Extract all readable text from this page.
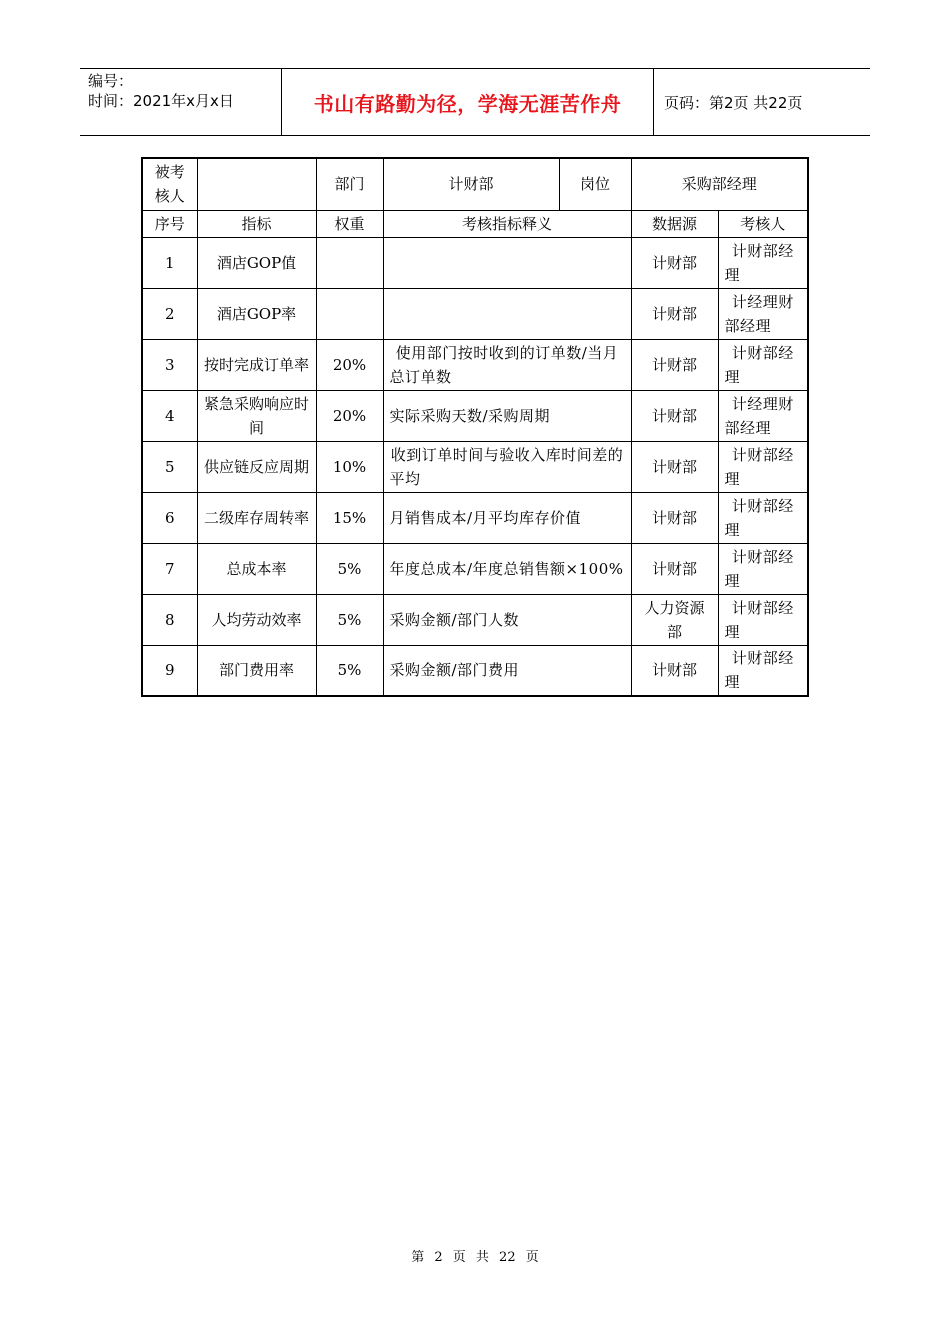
编号：
时间：2021年x月x日	书山有路勤为径，学海无涯苦作舟	页码：第2页 共22页
被考核人		部门	计财部	岗位	采购部经理	
序号	指标	权重	考核指标释义		数据源	考核人
1	酒店GOP值				计财部	计财部经理
2	酒店GOP率				计财部	计经理财部经理
3	按时完成订单率	20%	使用部门按时收到的订单数/当月总订单数		计财部	计财部经理
4	紧急采购响应时间	20%	实际采购天数/采购周期		计财部	计经理财部经理
5	供应链反应周期	10%	收到订单时间与验收入库时间差的平均		计财部	计财部经理
6	二级库存周转率	15%	月销售成本/月平均库存价值		计财部	计财部经理
7	总成本率	5%	年度总成本/年度总销售额×100%		计财部	计财部经理
8	人均劳动效率	5%	采购金额/部门人数		人力资源部	计财部经理
9	部门费用率	5%	采购金额/部门费用		计财部	计财部经理
第 2 页 共 22 页
